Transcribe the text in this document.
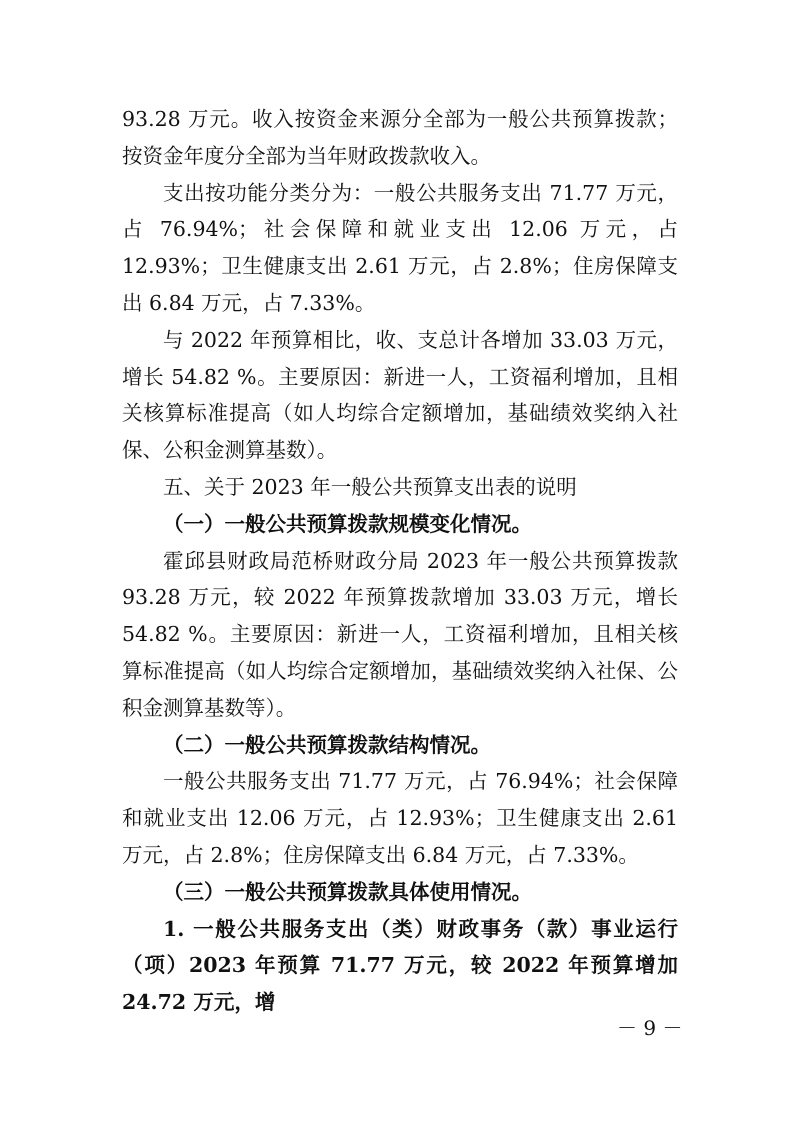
93.28 万元。收入按资金来源分全部为一般公共预算拨款；按资金年度分全部为当年财政拨款收入。

支出按功能分类分为：一般公共服务支出 71.77 万元，占 76.94%；社会保障和就业支出 12.06 万元，占 12.93%；卫生健康支出 2.61 万元，占 2.8%；住房保障支出 6.84 万元，占 7.33%。

与 2022 年预算相比，收、支总计各增加 33.03 万元，增长 54.82 %。主要原因：新进一人，工资福利增加，且相关核算标准提高（如人均综合定额增加，基础绩效奖纳入社保、公积金测算基数）。

五、关于 2023 年一般公共预算支出表的说明

（一）一般公共预算拨款规模变化情况。

霍邱县财政局范桥财政分局 2023 年一般公共预算拨款 93.28 万元，较 2022 年预算拨款增加 33.03 万元，增长 54.82 %。主要原因：新进一人，工资福利增加，且相关核算标准提高（如人均综合定额增加，基础绩效奖纳入社保、公积金测算基数等）。

（二）一般公共预算拨款结构情况。

一般公共服务支出 71.77 万元，占 76.94%；社会保障和就业支出 12.06 万元，占 12.93%；卫生健康支出 2.61 万元，占 2.8%；住房保障支出 6.84 万元，占 7.33%。

（三）一般公共预算拨款具体使用情况。

1. 一般公共服务支出（类）财政事务（款）事业运行（项）2023 年预算 71.77 万元，较 2022 年预算增加 24.72 万元，增

－ 9 －
